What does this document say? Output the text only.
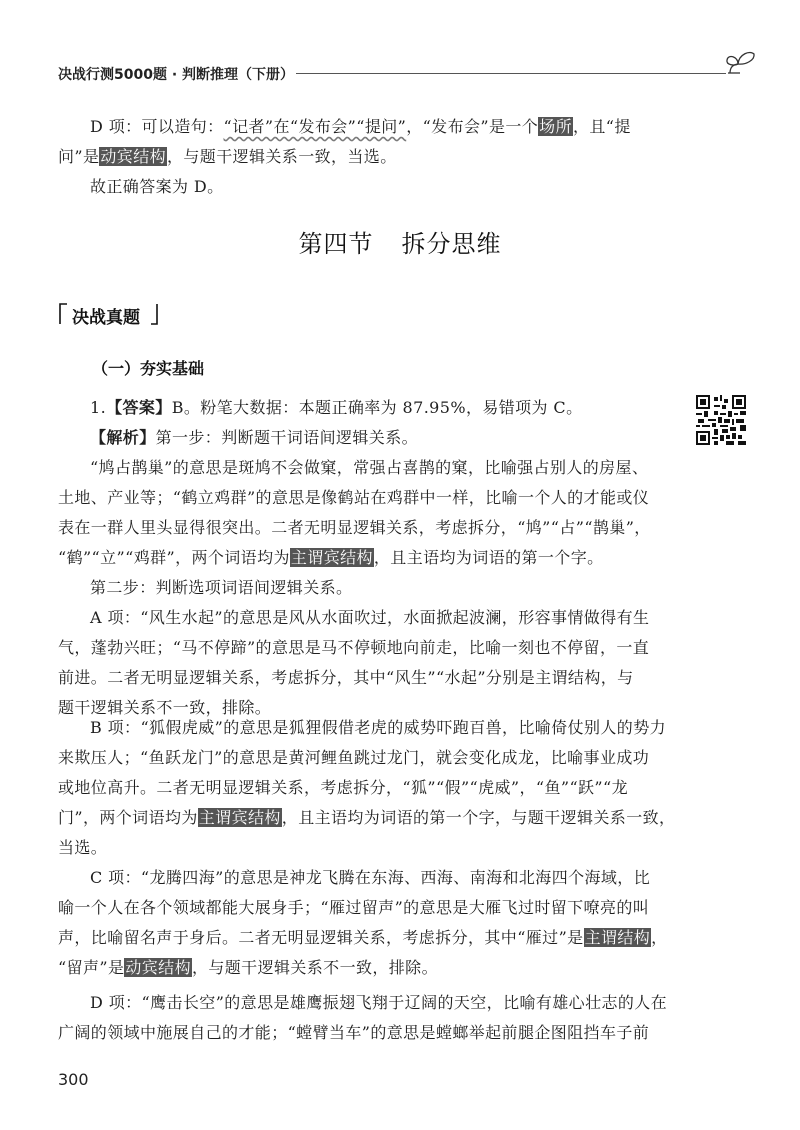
决战行测5000题 · 判断推理（下册）
D 项：可以造句：“记者”在“发布会”“提问”，“发布会”是一个场所，且“提
问”是动宾结构，与题干逻辑关系一致，当选。
故正确答案为 D。
第四节 拆分思维
决战真题
（一）夯实基础
1.【答案】B。粉笔大数据：本题正确率为 87.95%，易错项为 C。
【解析】第一步：判断题干词语间逻辑关系。
“鸠占鹊巢”的意思是斑鸠不会做窠，常强占喜鹊的窠，比喻强占别人的房屋、
土地、产业等；“鹤立鸡群”的意思是像鹤站在鸡群中一样，比喻一个人的才能或仪
表在一群人里头显得很突出。二者无明显逻辑关系，考虑拆分，“鸠”“占”“鹊巢”，
“鹤”“立”“鸡群”，两个词语均为主谓宾结构，且主语均为词语的第一个字。
第二步：判断选项词语间逻辑关系。
A 项：“风生水起”的意思是风从水面吹过，水面掀起波澜，形容事情做得有生
气，蓬勃兴旺；“马不停蹄”的意思是马不停顿地向前走，比喻一刻也不停留，一直
前进。二者无明显逻辑关系，考虑拆分，其中“风生”“水起”分别是主谓结构，与
题干逻辑关系不一致，排除。
B 项：“狐假虎威”的意思是狐狸假借老虎的威势吓跑百兽，比喻倚仗别人的势力
来欺压人；“鱼跃龙门”的意思是黄河鲤鱼跳过龙门，就会变化成龙，比喻事业成功
或地位高升。二者无明显逻辑关系，考虑拆分，“狐”“假”“虎威”，“鱼”“跃”“龙
门”，两个词语均为主谓宾结构，且主语均为词语的第一个字，与题干逻辑关系一致，
当选。
C 项：“龙腾四海”的意思是神龙飞腾在东海、西海、南海和北海四个海域，比
喻一个人在各个领域都能大展身手；“雁过留声”的意思是大雁飞过时留下嘹亮的叫
声，比喻留名声于身后。二者无明显逻辑关系，考虑拆分，其中“雁过”是主谓结构，
“留声”是动宾结构，与题干逻辑关系不一致，排除。
D 项：“鹰击长空”的意思是雄鹰振翅飞翔于辽阔的天空，比喻有雄心壮志的人在
广阔的领域中施展自己的才能；“螳臂当车”的意思是螳螂举起前腿企图阻挡车子前
300
